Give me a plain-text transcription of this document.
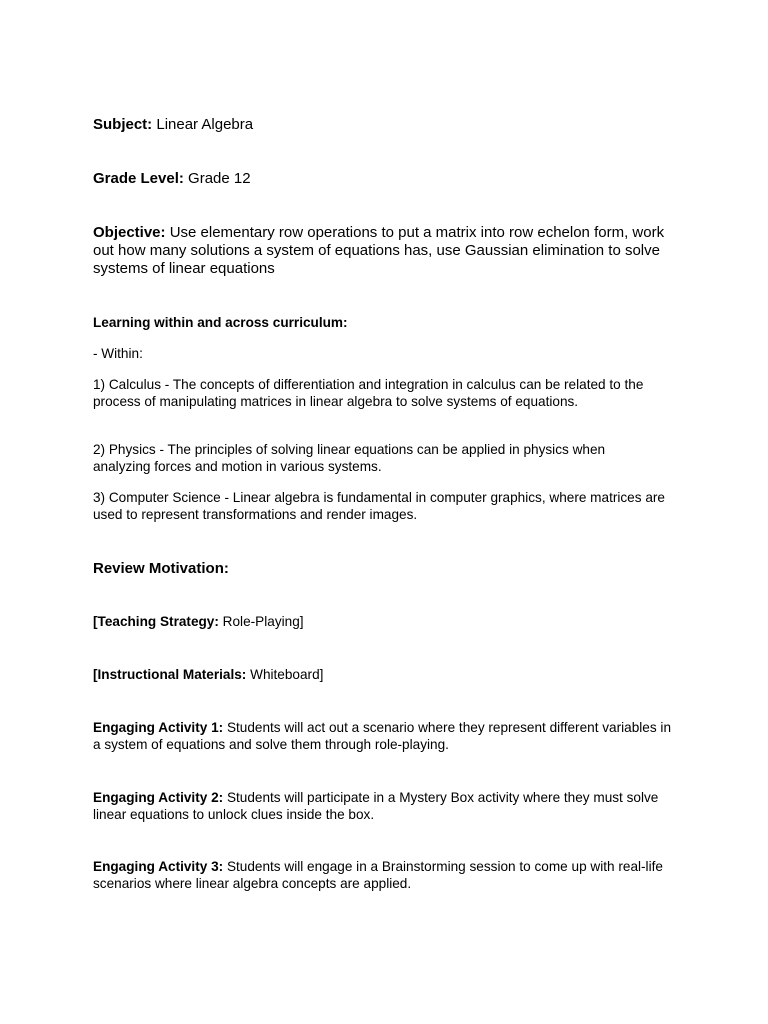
Subject: Linear Algebra

Grade Level: Grade 12

Objective: Use elementary row operations to put a matrix into row echelon form, work out how many solutions a system of equations has, use Gaussian elimination to solve systems of linear equations

Learning within and across curriculum:

- Within:

1) Calculus - The concepts of differentiation and integration in calculus can be related to the process of manipulating matrices in linear algebra to solve systems of equations.

2) Physics - The principles of solving linear equations can be applied in physics when analyzing forces and motion in various systems.

3) Computer Science - Linear algebra is fundamental in computer graphics, where matrices are used to represent transformations and render images.

Review Motivation:

[Teaching Strategy: Role-Playing]

[Instructional Materials: Whiteboard]

Engaging Activity 1: Students will act out a scenario where they represent different variables in a system of equations and solve them through role-playing.

Engaging Activity 2: Students will participate in a Mystery Box activity where they must solve linear equations to unlock clues inside the box.

Engaging Activity 3: Students will engage in a Brainstorming session to come up with real-life scenarios where linear algebra concepts are applied.
